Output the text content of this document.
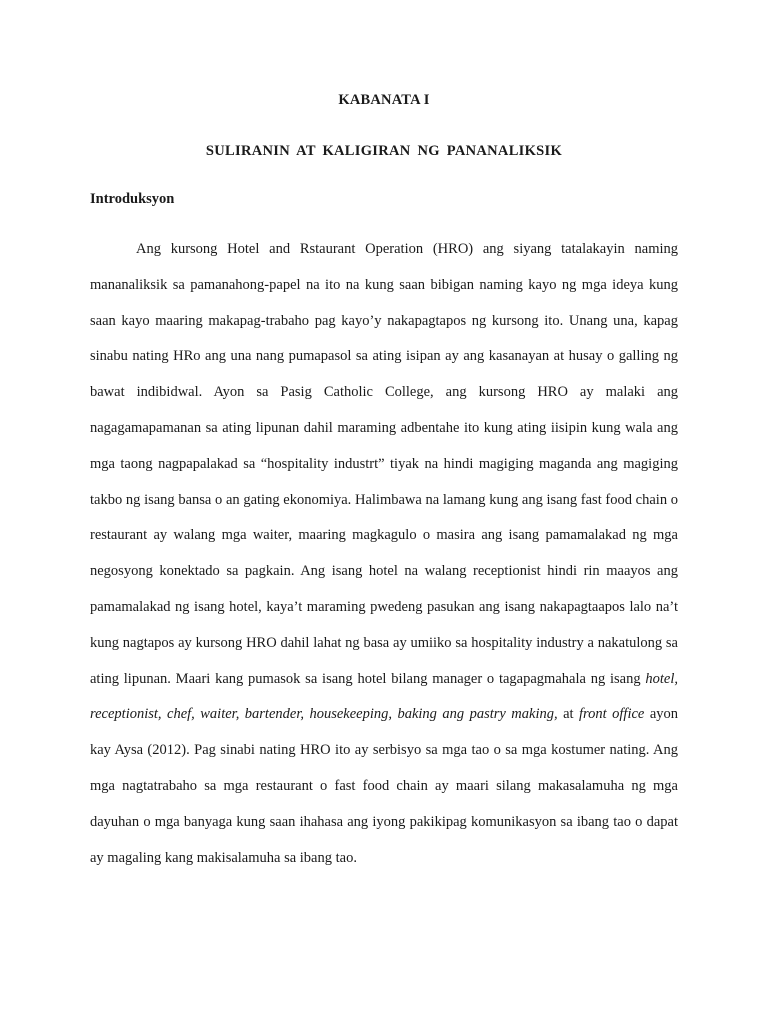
KABANATA I
SULIRANIN AT KALIGIRAN NG PANANALIKSIK
Introduksyon

Ang kursong Hotel and Rstaurant Operation (HRO) ang siyang tatalakayin naming mananaliksik sa pamanahong-papel na ito na kung saan bibigan naming kayo ng mga ideya kung saan kayo maaring makapag-trabaho pag kayo’y nakapagtapos ng kursong ito. Unang una, kapag sinabu nating HRo ang una nang pumapasol sa ating isipan ay ang kasanayan at husay o galling ng bawat indibidwal. Ayon sa Pasig Catholic College, ang kursong HRO ay malaki ang nagagamapamanan sa ating lipunan dahil maraming adbentahe ito kung ating iisipin kung wala ang mga taong nagpapalakad sa “hospitality industrt” tiyak na hindi magiging maganda ang magiging takbo ng isang bansa o an gating ekonomiya. Halimbawa na lamang kung ang isang fast food chain o restaurant ay walang mga waiter, maaring magkagulo o masira ang isang pamamalakad ng mga negosyong konektado sa pagkain. Ang isang hotel na walang receptionist hindi rin maayos ang pamamalakad ng isang hotel, kaya’t maraming pwedeng pasukan ang isang nakapagtaapos lalo na’t kung nagtapos ay kursong HRO dahil lahat ng basa ay umiiko sa hospitality industry a nakatulong sa ating lipunan. Maari kang pumasok sa isang hotel bilang manager o tagapagmahala ng isang hotel, receptionist, chef, waiter, bartender, housekeeping, baking ang pastry making, at front office ayon kay Aysa (2012). Pag sinabi nating HRO ito ay serbisyo sa mga tao o sa mga kostumer nating. Ang mga nagtatrabaho sa mga restaurant o fast food chain ay maari silang makasalamuha ng mga dayuhan o mga banyaga kung saan ihahasa ang iyong pakikipag komunikasyon sa ibang tao o dapat ay magaling kang makisalamuha sa ibang tao.
